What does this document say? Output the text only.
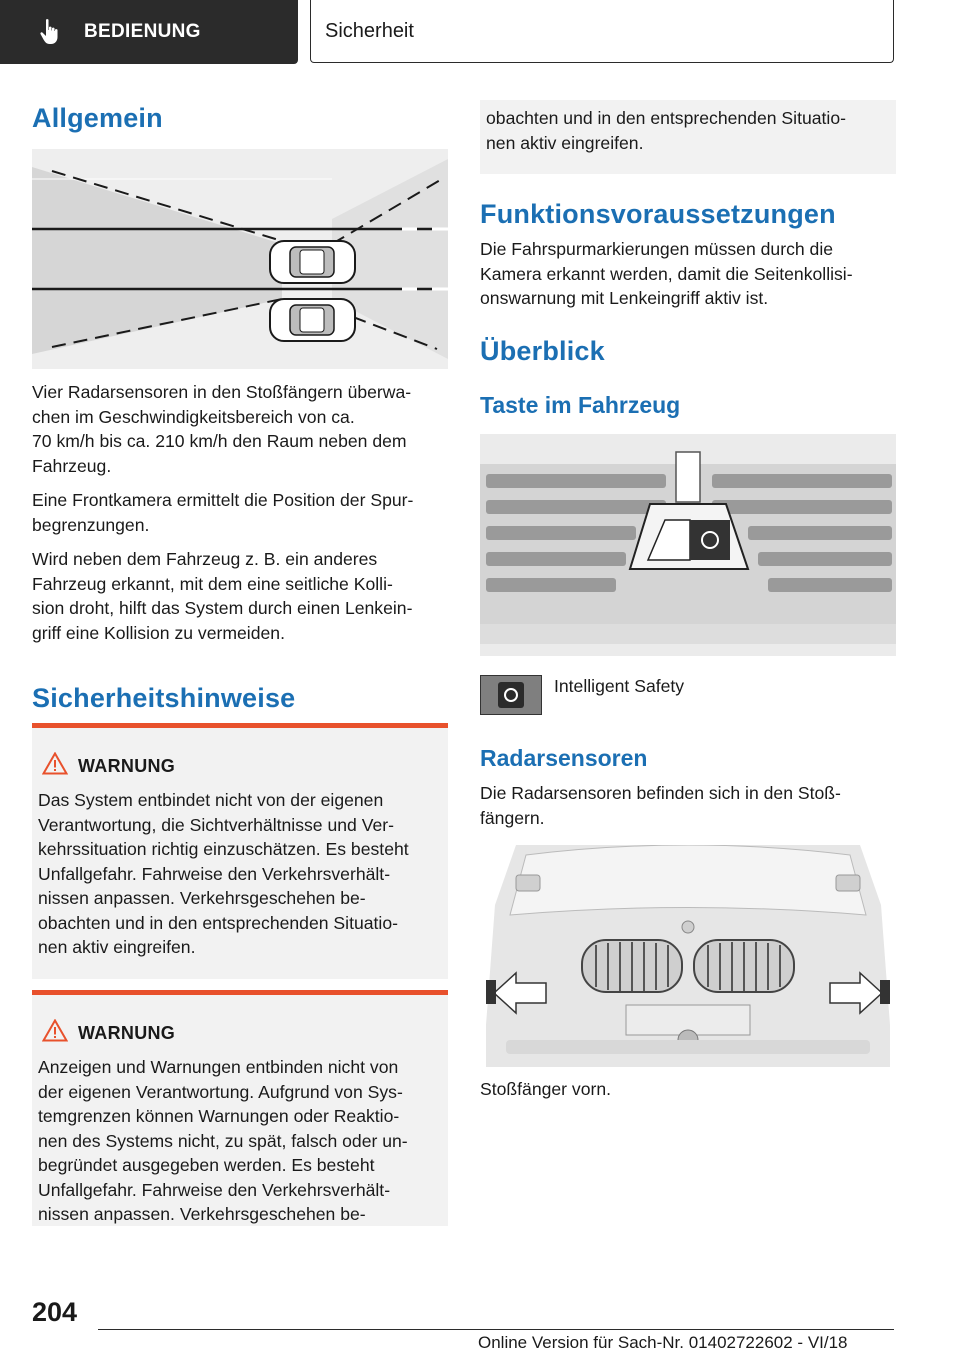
BEDIENUNG	Sicherheit
Allgemein

Vier Radarsensoren in den Stoßfängern überwa-
chen im Geschwindigkeitsbereich von ca.
70 km/h bis ca. 210 km/h den Raum neben dem
Fahrzeug.

Eine Frontkamera ermittelt die Position der Spur-
begrenzungen.

Wird neben dem Fahrzeug z. B. ein anderes
Fahrzeug erkannt, mit dem eine seitliche Kolli-
sion droht, hilft das System durch einen Lenkein-
griff eine Kollision zu vermeiden.

Sicherheitshinweise
WARNUNG

Das System entbindet nicht von der eigenen
Verantwortung, die Sichtverhältnisse und Ver-
kehrssituation richtig einzuschätzen. Es besteht
Unfallgefahr. Fahrweise den Verkehrsverhält-
nissen anpassen. Verkehrsgeschehen be-
obachten und in den entsprechenden Situatio-
nen aktiv eingreifen.

WARNUNG

Anzeigen und Warnungen entbinden nicht von
der eigenen Verantwortung. Aufgrund von Sys-
temgrenzen können Warnungen oder Reaktio-
nen des Systems nicht, zu spät, falsch oder un-
begründet ausgegeben werden. Es besteht
Unfallgefahr. Fahrweise den Verkehrsverhält-
nissen anpassen. Verkehrsgeschehen be-

obachten und in den entsprechenden Situatio-
nen aktiv eingreifen.

Funktionsvoraussetzungen

Die Fahrspurmarkierungen müssen durch die
Kamera erkannt werden, damit die Seitenkollisi-
onswarnung mit Lenkeingriff aktiv ist.

Überblick
Taste im Fahrzeug

Intelligent Safety

Radarsensoren

Die Radarsensoren befinden sich in den Stoß-
fängern.

Stoßfänger vorn.

204
Online Version für Sach-Nr. 01402722602 - VI/18
